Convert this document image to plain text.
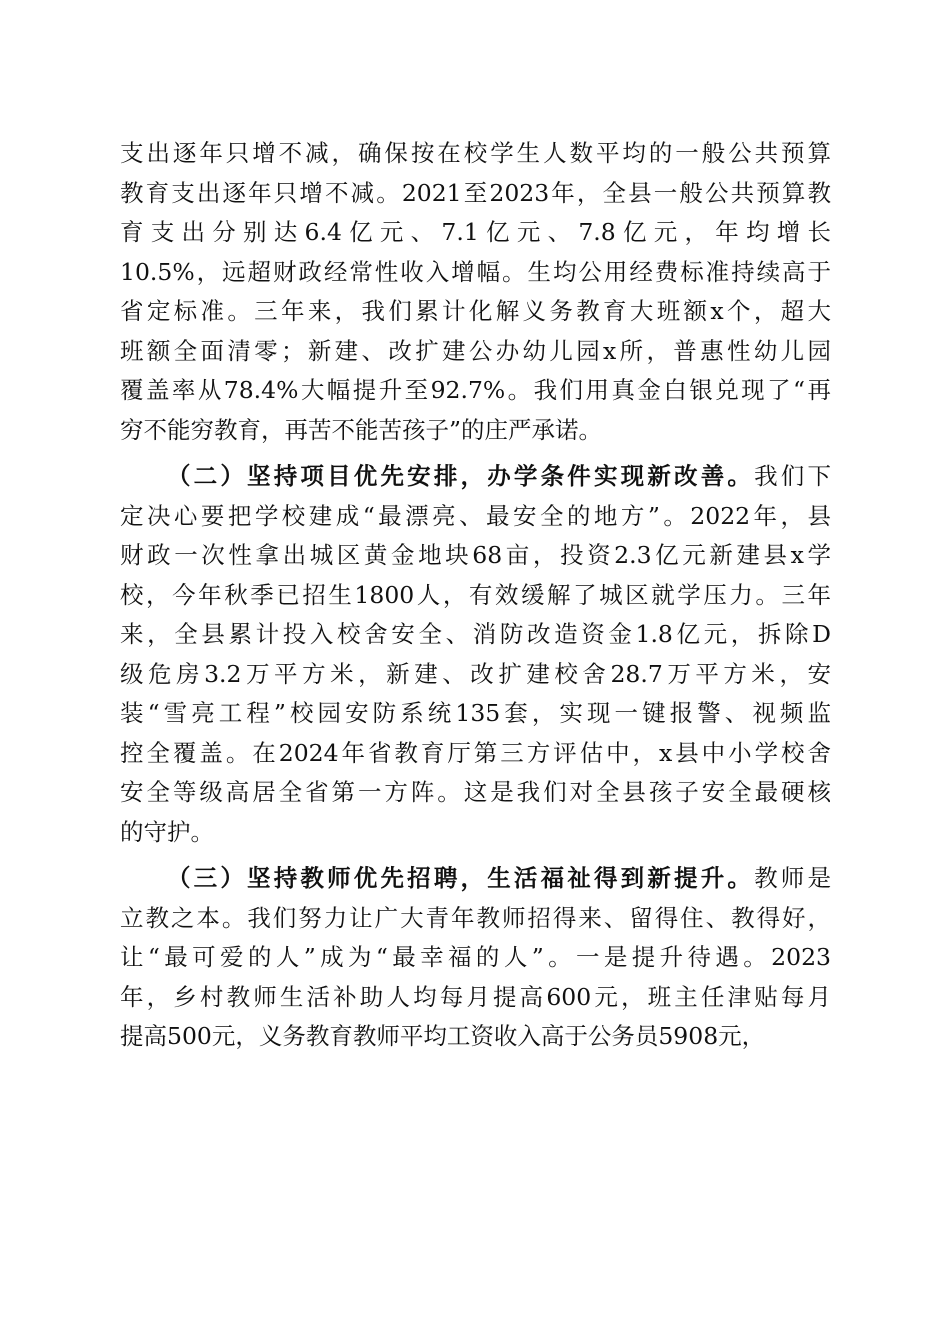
支出逐年只增不减，确保按在校学生人数平均的一般公共预算
教育支出逐年只增不减。2021至2023年，全县一般公共预算教
育支出分别达6.4亿元、7.1亿元、7.8亿元，年均增长
10.5%，远超财政经常性收入增幅。生均公用经费标准持续高于
省定标准。三年来，我们累计化解义务教育大班额x个，超大
班额全面清零；新建、改扩建公办幼儿园x所，普惠性幼儿园
覆盖率从78.4%大幅提升至92.7%。我们用真金白银兑现了“再
穷不能穷教育，再苦不能苦孩子”的庄严承诺。
（二）坚持项目优先安排，办学条件实现新改善。我们下
定决心要把学校建成“最漂亮、最安全的地方”。2022年，县
财政一次性拿出城区黄金地块68亩，投资2.3亿元新建县x学
校，今年秋季已招生1800人，有效缓解了城区就学压力。三年
来，全县累计投入校舍安全、消防改造资金1.8亿元，拆除D
级危房3.2万平方米，新建、改扩建校舍28.7万平方米，安
装“雪亮工程”校园安防系统135套，实现一键报警、视频监
控全覆盖。在2024年省教育厅第三方评估中，x县中小学校舍
安全等级高居全省第一方阵。这是我们对全县孩子安全最硬核
的守护。
（三）坚持教师优先招聘，生活福祉得到新提升。教师是
立教之本。我们努力让广大青年教师招得来、留得住、教得好，
让“最可爱的人”成为“最幸福的人”。一是提升待遇。2023
年，乡村教师生活补助人均每月提高600元，班主任津贴每月
提高500元，义务教育教师平均工资收入高于公务员5908元，
